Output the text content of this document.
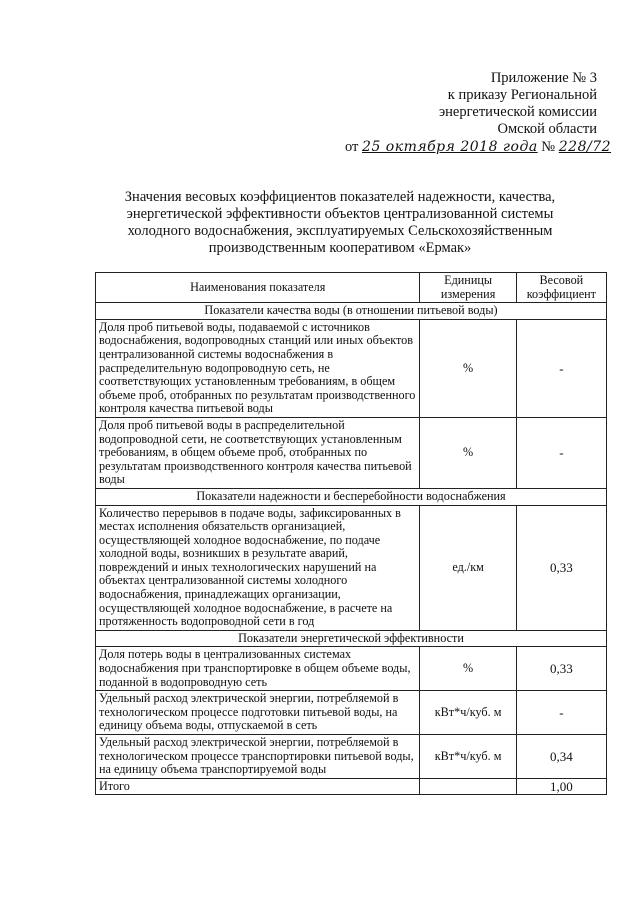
Приложение № 3
к приказу Региональной
энергетической комиссии
Омской области
от 25 октября 2018 года № 228/72
Значения весовых коэффициентов показателей надежности, качества,
энергетической эффективности объектов централизованной системы
холодного водоснабжения, эксплуатируемых Сельскохозяйственным
производственным кооперативом «Ермак»
Наименования показателя	Единицы измерения	Весовой коэффициент
Показатели качества воды (в отношении питьевой воды)		
Доля проб питьевой воды, подаваемой с источников водоснабжения, водопроводных станций или иных объектов централизованной системы водоснабжения в распределительную водопроводную сеть, не соответствующих установленным требованиям, в общем объеме проб, отобранных по результатам производственного контроля качества питьевой воды	%	-
Доля проб питьевой воды в распределительной водопроводной сети, не соответствующих установленным требованиям, в общем объеме проб, отобранных по результатам производственного контроля качества питьевой воды	%	-
Показатели надежности и бесперебойности водоснабжения		
Количество перерывов в подаче воды, зафиксированных в местах исполнения обязательств организацией, осуществляющей холодное водоснабжение, по подаче холодной воды, возникших в результате аварий, повреждений и иных технологических нарушений на объектах централизованной системы холодного водоснабжения, принадлежащих организации, осуществляющей холодное водоснабжение, в расчете на протяженность водопроводной сети в год	ед./км	0,33
Показатели энергетической эффективности		
Доля потерь воды в централизованных системах водоснабжения при транспортировке в общем объеме воды, поданной в водопроводную сеть	%	0,33
Удельный расход электрической энергии, потребляемой в технологическом процессе подготовки питьевой воды, на единицу объема воды, отпускаемой в сеть	кВт*ч/куб. м	-
Удельный расход электрической энергии, потребляемой в технологическом процессе транспортировки питьевой воды, на единицу объема транспортируемой воды	кВт*ч/куб. м	0,34
Итого		1,00
